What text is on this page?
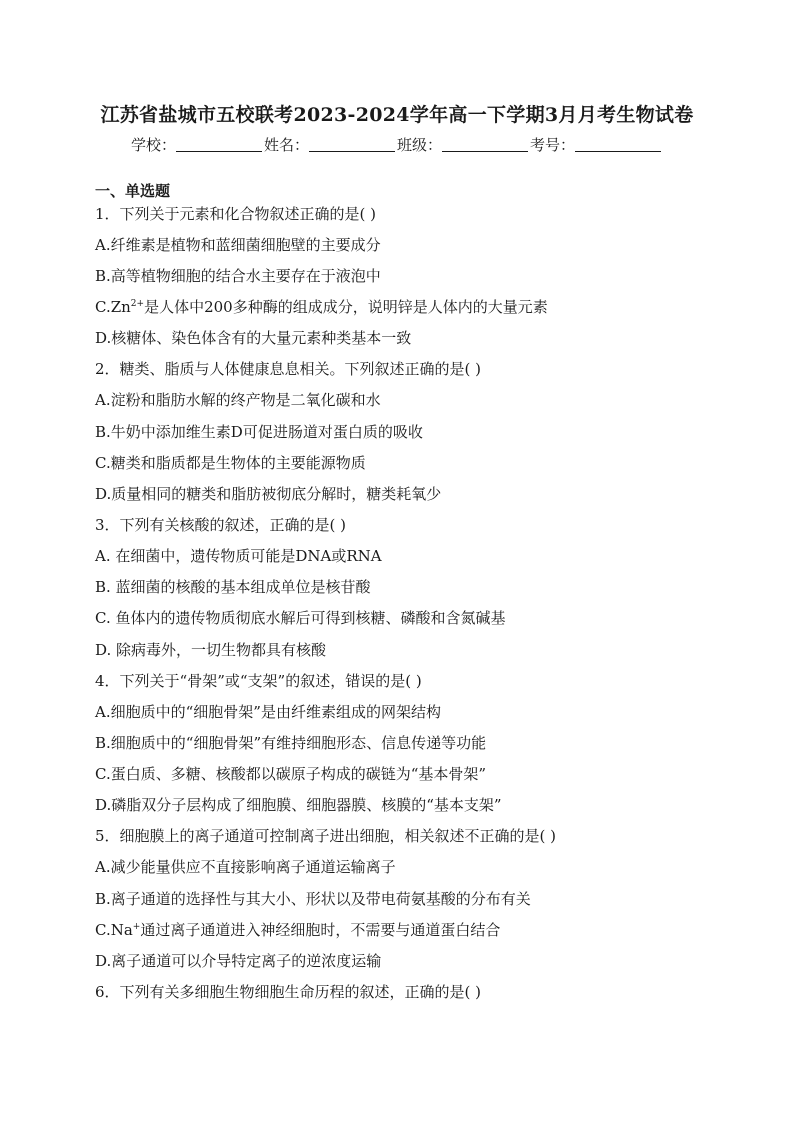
江苏省盐城市五校联考2023-2024学年高一下学期3月月考生物试卷
学校：	姓名：	班级：	考号：
一、单选题
1．下列关于元素和化合物叙述正确的是( )
A.纤维素是植物和蓝细菌细胞壁的主要成分
B.高等植物细胞的结合水主要存在于液泡中
$C.Zn^{2+}$是人体中200多种酶的组成成分，说明锌是人体内的大量元素
D.核糖体、染色体含有的大量元素种类基本一致
2．糖类、脂质与人体健康息息相关。下列叙述正确的是( )
A.淀粉和脂肪水解的终产物是二氧化碳和水
B.牛奶中添加维生素D可促进肠道对蛋白质的吸收
C.糖类和脂质都是生物体的主要能源物质
D.质量相同的糖类和脂肪被彻底分解时，糖类耗氧少
3．下列有关核酸的叙述，正确的是( )
A. 在细菌中，遗传物质可能是DNA或RNA
B. 蓝细菌的核酸的基本组成单位是核苷酸
C. 鱼体内的遗传物质彻底水解后可得到核糖、磷酸和含氮碱基
D. 除病毒外，一切生物都具有核酸
4．下列关于“骨架”或“支架”的叙述，错误的是( )
A.细胞质中的“细胞骨架”是由纤维素组成的网架结构
B.细胞质中的“细胞骨架”有维持细胞形态、信息传递等功能
C.蛋白质、多糖、核酸都以碳原子构成的碳链为“基本骨架”
D.磷脂双分子层构成了细胞膜、细胞器膜、核膜的“基本支架”
5．细胞膜上的离子通道可控制离子进出细胞，相关叙述不正确的是( )
A.减少能量供应不直接影响离子通道运输离子
B.离子通道的选择性与其大小、形状以及带电荷氨基酸的分布有关
C.Na+通过离子通道进入神经细胞时，不需要与通道蛋白结合
D.离子通道可以介导特定离子的逆浓度运输
6．下列有关多细胞生物细胞生命历程的叙述，正确的是( )
